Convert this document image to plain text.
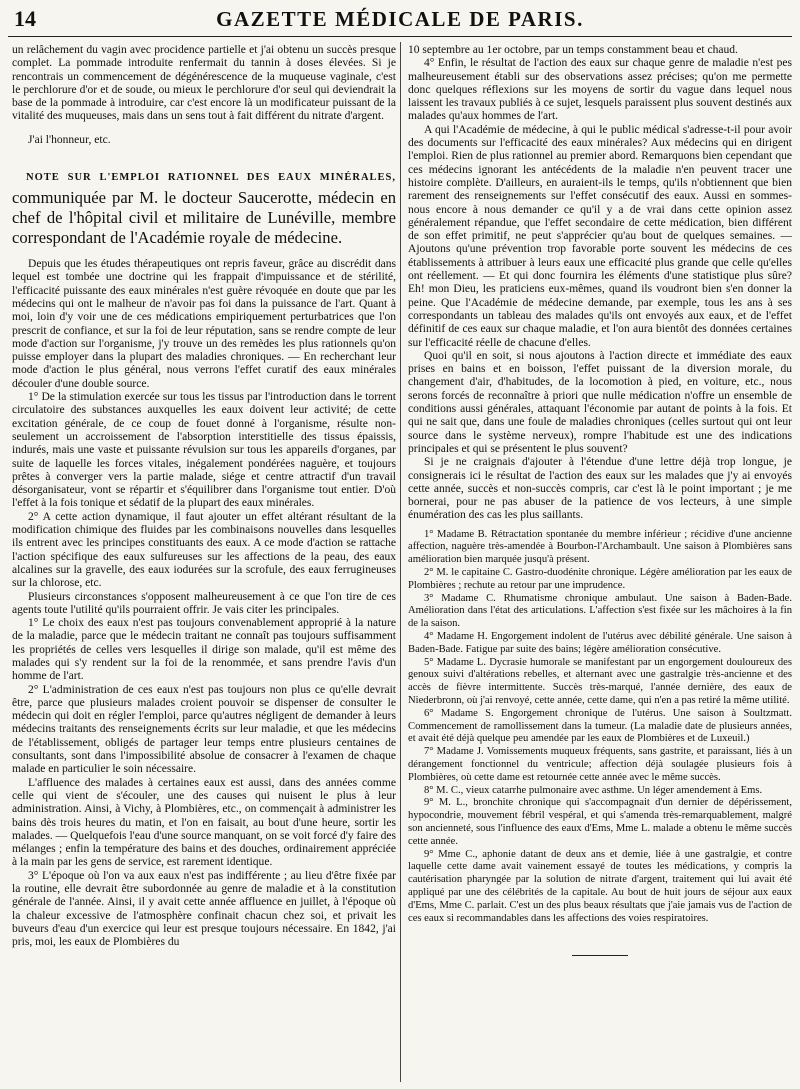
14	GAZETTE MÉDICALE DE PARIS.

un relâchement du vagin avec procidence partielle et j'ai obtenu un succès presque complet. La pommade introduite renfermait du tannin à doses élevées. Si je rencontrais un commencement de dégénérescence de la muqueuse vaginale, c'est le perchlorure d'or et de soude, ou mieux le perchlorure d'or seul qui deviendrait la base de la pommade à introduire, car c'est encore là un modificateur puissant de la vitalité des muqueuses, mais dans un sens tout à fait différent du nitrate d'argent.

J'ai l'honneur, etc.

NOTE SUR L'EMPLOI RATIONNEL DES EAUX MINÉRALES, communiquée par M. le docteur Saucerotte, médecin en chef de l'hôpital civil et militaire de Lunéville, membre correspondant de l'Académie royale de médecine.

Depuis que les études thérapeutiques ont repris faveur, grâce au discrédit dans lequel est tombée une doctrine qui les frappait d'impuissance et de stérilité, l'efficacité puissante des eaux minérales n'est guère révoquée en doute que par les médecins qui ont le malheur de n'avoir pas foi dans la puissance de l'art. Quant à moi, loin d'y voir une de ces médications empiriquement perturbatrices que l'on prescrit de confiance, et sur la foi de leur réputation, sans se rendre compte de leur mode d'action sur l'organisme, j'y trouve un des remèdes les plus rationnels qu'on puisse employer dans la plupart des maladies chroniques. — En recherchant leur mode d'action le plus général, nous verrons l'effet curatif des eaux minérales découler d'une double source.

1° De la stimulation exercée sur tous les tissus par l'introduction dans le torrent circulatoire des substances auxquelles les eaux doivent leur activité; de cette excitation générale, de ce coup de fouet donné à l'organisme, résulte non-seulement un accroissement de l'absorption interstitielle des tissus épaissis, indurés, mais une vaste et puissante révulsion sur tous les appareils d'organes, par suite de laquelle les forces vitales, inégalement pondérées naguère, et toujours prêtes à converger vers la partie malade, siége et centre attractif d'un travail désorganisateur, vont se répartir et s'équilibrer dans l'organisme tout entier. D'où l'effet à la fois tonique et sédatif de la plupart des eaux minérales.

2° A cette action dynamique, il faut ajouter un effet altérant résultant de la modification chimique des fluides par les combinaisons nouvelles dans lesquelles ils entrent avec les principes constituants des eaux. A ce mode d'action se rattache l'action spécifique des eaux sulfureuses sur les affections de la peau, des eaux alcalines sur la gravelle, des eaux iodurées sur la scrofule, des eaux ferrugineuses sur la chlorose, etc.

Plusieurs circonstances s'opposent malheureusement à ce que l'on tire de ces agents toute l'utilité qu'ils pourraient offrir. Je vais citer les principales.

1° Le choix des eaux n'est pas toujours convenablement approprié à la nature de la maladie, parce que le médecin traitant ne connaît pas toujours suffisamment les propriétés de celles vers lesquelles il dirige son malade, qu'il est même des malades qui s'y rendent sur la foi de la renommée, et sans prendre l'avis d'un homme de l'art.

2° L'administration de ces eaux n'est pas toujours non plus ce qu'elle devrait être, parce que plusieurs malades croient pouvoir se dispenser de consulter le médecin qui doit en régler l'emploi, parce qu'autres négligent de demander à leurs médecins traitants des renseignements écrits sur leur maladie, et que les médecins de l'établissement, obligés de partager leur temps entre plusieurs centaines de consultants, sont dans l'impossibilité absolue de consacrer à l'examen de chaque malade en particulier le soin nécessaire.

L'affluence des malades à certaines eaux est aussi, dans des années comme celle qui vient de s'écouler, une des causes qui nuisent le plus à leur administration. Ainsi, à Vichy, à Plombières, etc., on commençait à administrer les bains dès trois heures du matin, et l'on en faisait, au bout d'une heure, sortir les malades. — Quelquefois l'eau d'une source manquant, on se voit forcé d'y faire des mélanges ; enfin la température des bains et des douches, ordinairement appréciée à la main par les gens de service, est rarement identique.

3° L'époque où l'on va aux eaux n'est pas indifférente ; au lieu d'être fixée par la routine, elle devrait être subordonnée au genre de maladie et à la constitution générale de l'année. Ainsi, il y avait cette année affluence en juillet, à l'époque où la chaleur excessive de l'atmosphère confinait chacun chez soi, et privait les buveurs d'eau d'un exercice qui leur est presque toujours nécessaire. En 1842, j'ai pris, moi, les eaux de Plombières du

10 septembre au 1er octobre, par un temps constamment beau et chaud.

4° Enfin, le résultat de l'action des eaux sur chaque genre de maladie n'est pes malheureusement établi sur des observations assez précises; qu'on me permette donc quelques réflexions sur les moyens de sortir du vague dans lequel nous laissent les travaux publiés à ce sujet, lesquels paraissent plus souvent destinés aux malades qu'aux hommes de l'art.

A qui l'Académie de médecine, à qui le public médical s'adresse-t-il pour avoir des documents sur l'efficacité des eaux minérales? Aux médecins qui en dirigent l'emploi. Rien de plus rationnel au premier abord. Remarquons bien cependant que ces médecins ignorant les antécédents de la maladie n'en peuvent tracer une histoire complète. D'ailleurs, en auraient-ils le temps, qu'ils n'obtiennent que bien rarement des renseignements sur l'effet consécutif des eaux. Aussi en sommes-nous encore à nous demander ce qu'il y a de vrai dans cette opinion assez généralement répandue, que l'effet secondaire de cette médication, bien différent de son effet primitif, ne peut s'apprécier qu'au bout de quelques semaines. — Ajoutons qu'une prévention trop favorable porte souvent les médecins de ces établissements à attribuer à leurs eaux une efficacité plus grande que celle qu'elles ont réellement. — Et qui donc fournira les éléments d'une statistique plus sûre? Eh! mon Dieu, les praticiens eux-mêmes, quand ils voudront bien s'en donner la peine. Que l'Académie de médecine demande, par exemple, tous les ans à ses correspondants un tableau des malades qu'ils ont envoyés aux eaux, et de l'effet définitif de ces eaux sur chaque maladie, et l'on aura bientôt des données certaines sur l'efficacité réelle de chacune d'elles.

Quoi qu'il en soit, si nous ajoutons à l'action directe et immédiate des eaux prises en bains et en boisson, l'effet puissant de la diversion morale, du changement d'air, d'habitudes, de la locomotion à pied, en voiture, etc., nous serons forcés de reconnaître à priori que nulle médication n'offre un ensemble de conditions aussi générales, attaquant l'économie par autant de points à la fois. Et qui ne sait que, dans une foule de maladies chroniques (celles surtout qui ont leur source dans le système nerveux), rompre l'habitude est une des indications principales et qui se présentent le plus souvent?

Si je ne craignais d'ajouter à l'étendue d'une lettre déjà trop longue, je consignerais ici le résultat de l'action des eaux sur les malades que j'y ai envoyés cette année, succès et non-succès compris, car c'est là le point important ; je me bornerai, pour ne pas abuser de la patience de vos lecteurs, à une simple énumération des cas les plus saillants.

1° Madame B. Rétractation spontanée du membre inférieur ; récidive d'une ancienne affection, naguère très-amendée à Bourbon-l'Archambault. Une saison à Plombières sans amélioration bien marquée jusqu'à présent.

2° M. le capitaine C. Gastro-duodénite chronique. Légère amélioration par les eaux de Plombières ; rechute au retour par une imprudence.

3° Madame C. Rhumatisme chronique ambulaut. Une saison à Baden-Bade. Amélioration dans l'état des articulations. L'affection s'est fixée sur les mâchoires à la fin de la saison.

4° Madame H. Engorgement indolent de l'utérus avec débilité générale. Une saison à Baden-Bade. Fatigue par suite des bains; légère amélioration consécutive.

5° Madame L. Dycrasie humorale se manifestant par un engorgement douloureux des genoux suivi d'altérations rebelles, et alternant avec une gastralgie très-ancienne et des accès de fièvre intermittente. Succès très-marqué, l'année dernière, des eaux de Niederbronn, où j'ai renvoyé, cette année, cette dame, qui n'en a pas retiré la même utilité.

6° Madame S. Engorgement chronique de l'utérus. Une saison à Soultzmatt. Commencement de ramollissement dans la tumeur. (La maladie date de plusieurs années, et avait été déjà quelque peu amendée par les eaux de Plombières et de Luxeuil.)

7° Madame J. Vomissements muqueux fréquents, sans gastrite, et paraissant, liés à un dérangement fonctionnel du ventricule; affection déjà soulagée plusieurs fois à Plombières, où cette dame est retournée cette année avec le même succès.

8° M. C., vieux catarrhe pulmonaire avec asthme. Un léger amendement à Ems.

9° M. L., bronchite chronique qui s'accompagnait d'un dernier de dépérissement, hypocondrie, mouvement fébril vespéral, et qui s'amenda très-remarquablement, malgré son ancienneté, sous l'influence des eaux d'Ems, Mme L. malade a obtenu le même succès cette année.

9° Mme C., aphonie datant de deux ans et demie, liée à une gastralgie, et contre laquelle cette dame avait vainement essayé de toutes les médications, y compris la cautérisation pharyngée par la solution de nitrate d'argent, traitement qui lui avait été appliqué par une des célébrités de la capitale. Au bout de huit jours de séjour aux eaux d'Ems, Mme C. parlait. C'est un des plus beaux résultats que j'aie jamais vus de l'action de ces eaux si recommandables dans les affections des voies respiratoires.
